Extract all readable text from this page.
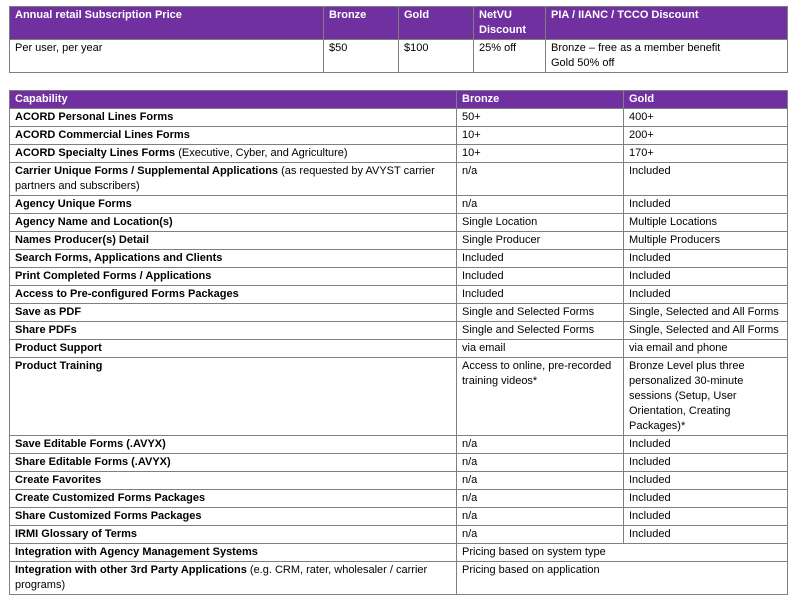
Annual retail Subscription Price	Bronze	Gold	NetVU Discount	PIA / IIANC / TCCO Discount
Per user, per year	$50	$100	25% off	Bronze – free as a member benefit
Gold 50% off
Capability	Bronze	Gold
ACORD Personal Lines Forms	50+	400+
ACORD Commercial Lines Forms	10+	200+
ACORD Specialty Lines Forms (Executive, Cyber, and Agriculture)	10+	170+
Carrier Unique Forms / Supplemental Applications (as requested by AVYST carrier partners and subscribers)	n/a	Included
Agency Unique Forms	n/a	Included
Agency Name and Location(s)	Single Location	Multiple Locations
Names Producer(s) Detail	Single Producer	Multiple Producers
Search Forms, Applications and Clients	Included	Included
Print Completed Forms / Applications	Included	Included
Access to Pre-configured Forms Packages	Included	Included
Save as PDF	Single and Selected Forms	Single, Selected and All Forms
Share PDFs	Single and Selected Forms	Single, Selected and All Forms
Product Support	via email	via email and phone
Product Training	Access to online, pre-recorded training videos*	Bronze Level plus three personalized 30-minute sessions (Setup, User Orientation, Creating Packages)*
Save Editable Forms (.AVYX)	n/a	Included
Share Editable Forms (.AVYX)	n/a	Included
Create Favorites	n/a	Included
Create Customized Forms Packages	n/a	Included
Share Customized Forms Packages	n/a	Included
IRMI Glossary of Terms	n/a	Included
Integration with Agency Management Systems	Pricing based on system type	
Integration with other 3rd Party Applications (e.g. CRM, rater, wholesaler / carrier programs)	Pricing based on application	
